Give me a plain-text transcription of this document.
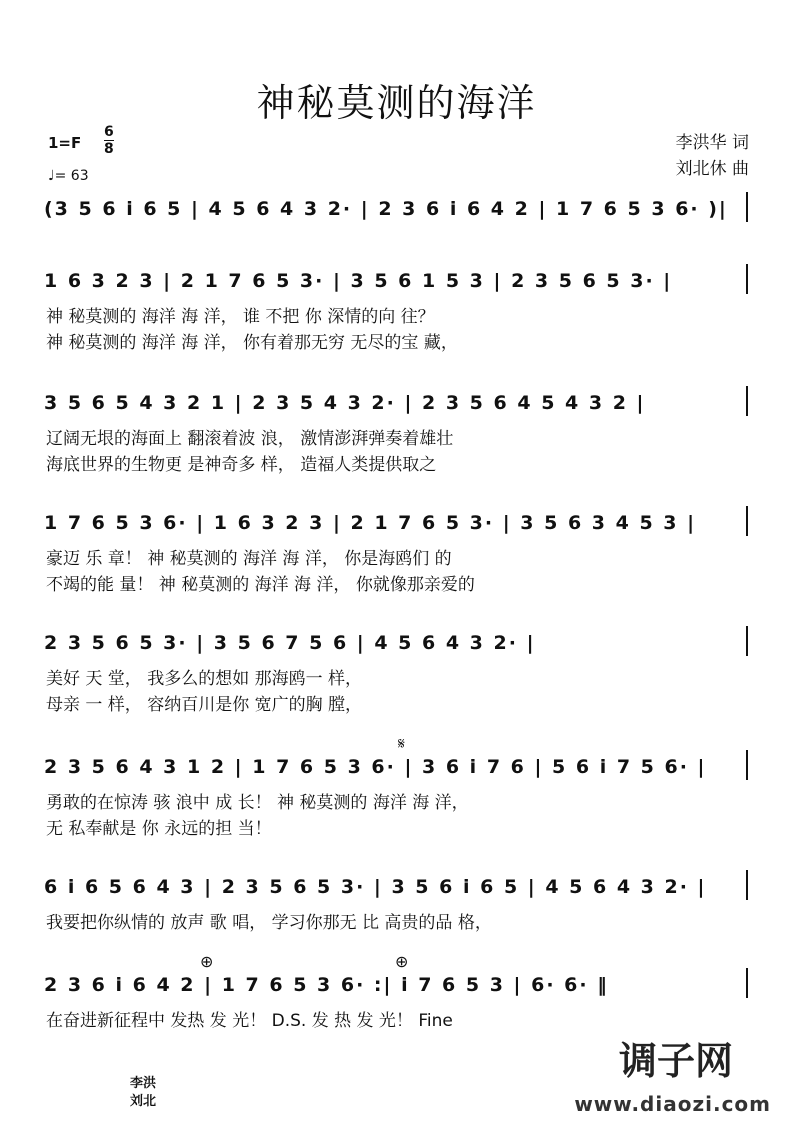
神秘莫测的海洋
1=F
6
8
♩= 63
李洪华 词
刘北休 曲
(3 5 6 i 6 5 | 4 5 6 4 3 2· | 2 3 6 i 6 4 2 | 1 7 6 5 3 6· )|
1 6 3 2 3 | 2 1 7 6 5 3· | 3 5 6 1 5 3 | 2 3 5 6 5 3· |
神 秘莫测的 海洋 海 洋， 谁 不把 你 深情的向 往？
神 秘莫测的 海洋 海 洋， 你有着那无穷 无尽的宝 藏，
3 5 6 5 4 3 2 1 | 2 3 5 4 3 2· | 2 3 5 6 4 5 4 3 2 |
辽阔无垠的海面上 翻滚着波 浪， 激情澎湃弹奏着雄壮
海底世界的生物更 是神奇多 样， 造福人类提供取之
1 7 6 5 3 6· | 1 6 3 2 3 | 2 1 7 6 5 3· | 3 5 6 3 4 5 3 |
豪迈 乐 章！ 神 秘莫测的 海洋 海 洋， 你是海鸥们 的
不竭的能 量！ 神 秘莫测的 海洋 海 洋， 你就像那亲爱的
2 3 5 6 5 3· | 3 5 6 7 5 6 | 4 5 6 4 3 2· |
美好 天 堂， 我多么的想如 那海鸥一 样，
母亲 一 样， 容纳百川是你 宽广的胸 膛，
2 3 5 6 4 3 1 2 | 1 7 6 5 3 6· | 3 6 i 7 6 | 5 6 i 7 5 6· |
勇敢的在惊涛 骇 浪中 成 长！ 神 秘莫测的 海洋 海 洋，
无 私奉献是 你 永远的担 当！
6 i 6 5 6 4 3 | 2 3 5 6 5 3· | 3 5 6 i 6 5 | 4 5 6 4 3 2· |
我要把你纵情的 放声 歌 唱， 学习你那无 比 高贵的品 格，
2 3 6 i 6 4 2 | 1 7 6 5 3 6· :| i 7 6 5 3 | 6· 6· ‖
在奋进新征程中 发热 发 光！ D.S. 发 热 发 光！ Fine
𝄋
⊕	⊕
李洪
刘北
调子网
www.diaozi.com
